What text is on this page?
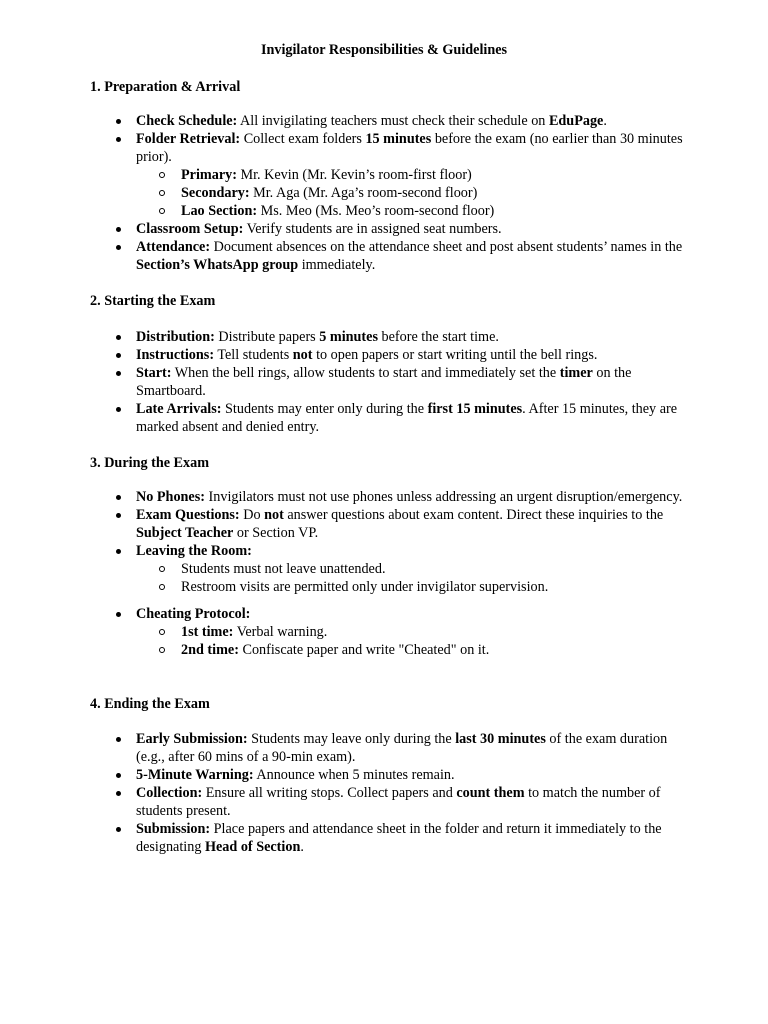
Invigilator Responsibilities & Guidelines
1. Preparation & Arrival
Check Schedule: All invigilating teachers must check their schedule on EduPage.
Folder Retrieval: Collect exam folders 15 minutes before the exam (no earlier than 30 minutes prior).
Primary: Mr. Kevin (Mr. Kevin’s room-first floor)
Secondary: Mr. Aga (Mr. Aga’s room-second floor)
Lao Section: Ms. Meo (Ms. Meo’s room-second floor)
Classroom Setup: Verify students are in assigned seat numbers.
Attendance: Document absences on the attendance sheet and post absent students’ names in the Section’s WhatsApp group immediately.
2. Starting the Exam
Distribution: Distribute papers 5 minutes before the start time.
Instructions: Tell students not to open papers or start writing until the bell rings.
Start: When the bell rings, allow students to start and immediately set the timer on the Smartboard.
Late Arrivals: Students may enter only during the first 15 minutes. After 15 minutes, they are marked absent and denied entry.
3. During the Exam
No Phones: Invigilators must not use phones unless addressing an urgent disruption/emergency.
Exam Questions: Do not answer questions about exam content. Direct these inquiries to the Subject Teacher or Section VP.
Leaving the Room:
Students must not leave unattended.
Restroom visits are permitted only under invigilator supervision.
Cheating Protocol:
1st time: Verbal warning.
2nd time: Confiscate paper and write "Cheated" on it.
4. Ending the Exam
Early Submission: Students may leave only during the last 30 minutes of the exam duration (e.g., after 60 mins of a 90-min exam).
5-Minute Warning: Announce when 5 minutes remain.
Collection: Ensure all writing stops. Collect papers and count them to match the number of students present.
Submission: Place papers and attendance sheet in the folder and return it immediately to the designating Head of Section.
